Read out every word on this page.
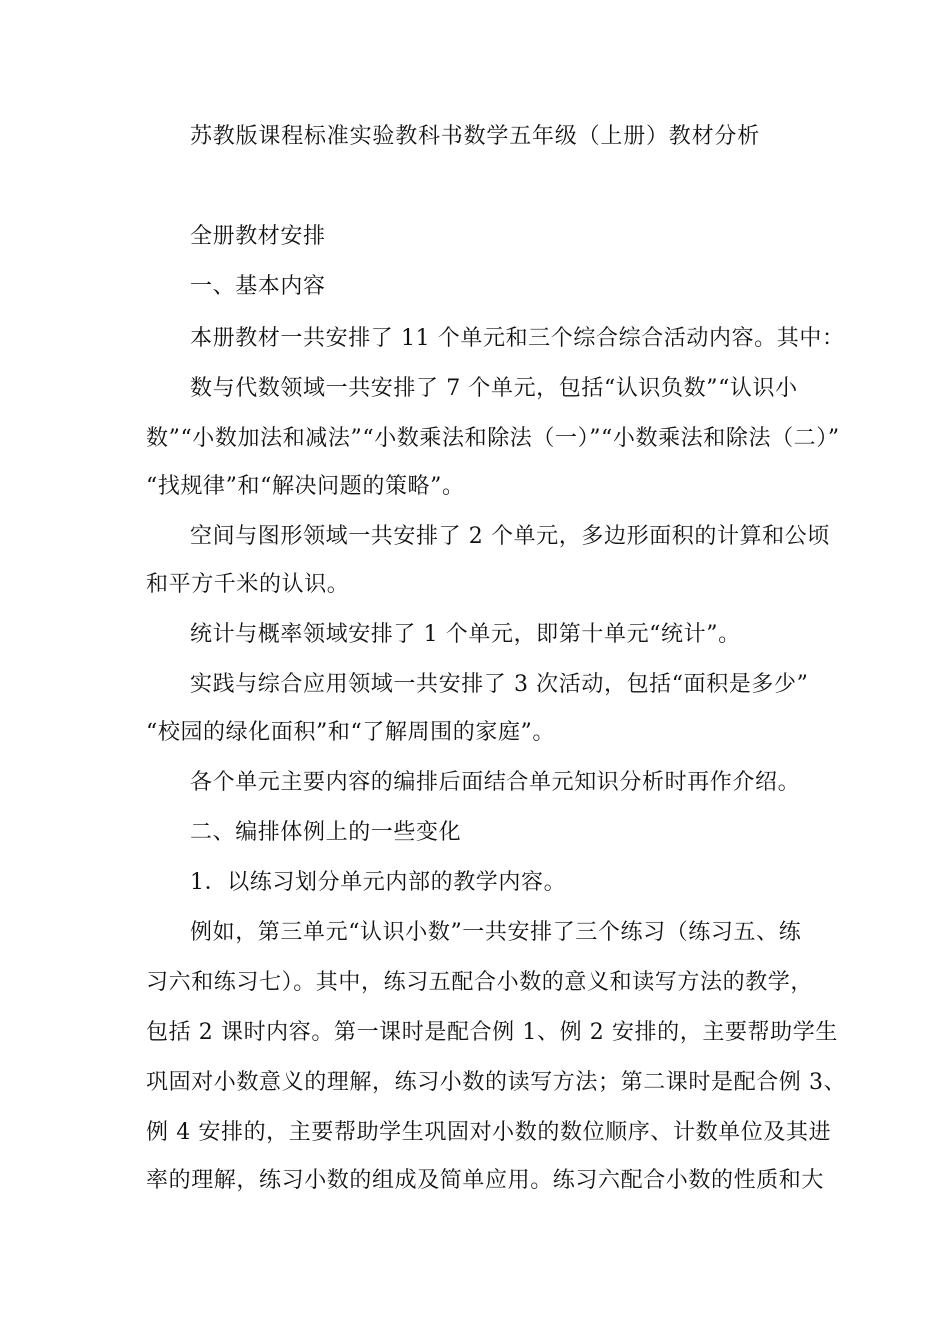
苏教版课程标准实验教科书数学五年级（上册）教材分析

全册教材安排

一、基本内容

本册教材一共安排了 11 个单元和三个综合综合活动内容。其中：

数与代数领域一共安排了 7 个单元，包括“认识负数”“认识小

数”“小数加法和减法”“小数乘法和除法（一）”“小数乘法和除法（二）”

“找规律”和“解决问题的策略”。

空间与图形领域一共安排了 2 个单元，多边形面积的计算和公顷

和平方千米的认识。

统计与概率领域安排了 1 个单元，即第十单元“统计”。

实践与综合应用领域一共安排了 3 次活动，包括“面积是多少”

“校园的绿化面积”和“了解周围的家庭”。

各个单元主要内容的编排后面结合单元知识分析时再作介绍。

二、编排体例上的一些变化

1．以练习划分单元内部的教学内容。

例如，第三单元“认识小数”一共安排了三个练习（练习五、练

习六和练习七）。其中，练习五配合小数的意义和读写方法的教学，

包括 2 课时内容。第一课时是配合例 1、例 2 安排的，主要帮助学生

巩固对小数意义的理解，练习小数的读写方法；第二课时是配合例 3、

例 4 安排的，主要帮助学生巩固对小数的数位顺序、计数单位及其进

率的理解，练习小数的组成及简单应用。练习六配合小数的性质和大
